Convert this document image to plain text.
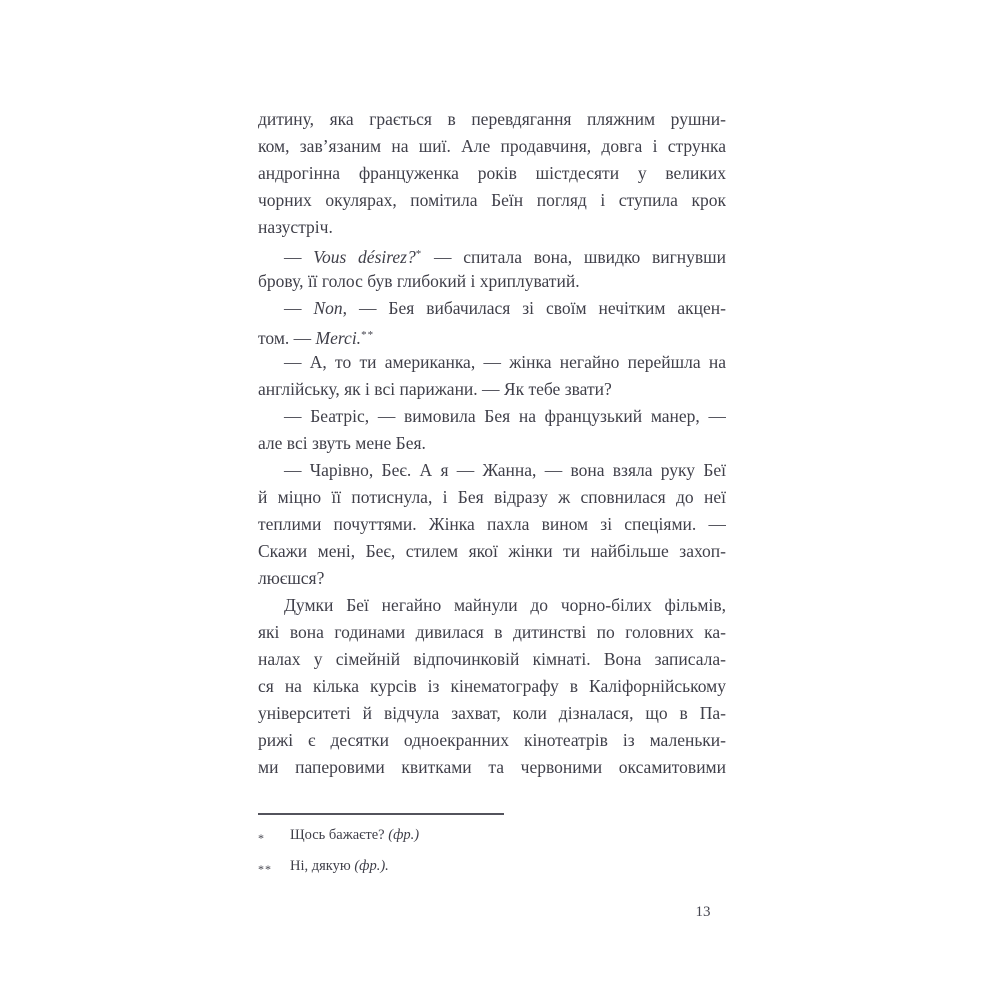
дитину, яка грається в перевдягання пляжним рушни-
ком, зав’язаним на шиї. Але продавчиня, довга і струнка
андрогінна француженка років шістдесяти у великих
чорних окулярах, помітила Беїн погляд і ступила крок
назустріч.
— Vous désirez?* — спитала вона, швидко вигнувши
брову, її голос був глибокий і хриплуватий.
— Non, — Бея вибачилася зі своїм нечітким акцен-
том. — Merci.**
— А, то ти американка, — жінка негайно перейшла на
англійську, як і всі парижани. — Як тебе звати?
— Беатріс, — вимовила Бея на французький манер, —
але всі звуть мене Бея.
— Чарівно, Беє. А я — Жанна, — вона взяла руку Беї
й міцно її потиснула, і Бея відразу ж сповнилася до неї
теплими почуттями. Жінка пахла вином зі спеціями. —
Скажи мені, Беє, стилем якої жінки ти найбільше захоп-
люєшся?
Думки Беї негайно майнули до чорно-білих фільмів,
які вона годинами дивилася в дитинстві по головних ка-
налах у сімейній відпочинковій кімнаті. Вона записала-
ся на кілька курсів із кінематографу в Каліфорнійському
університеті й відчула захват, коли дізналася, що в Па-
рижі є десятки одноекранних кінотеатрів із маленьки-
ми паперовими квитками та червоними оксамитовими
*	Щось бажаєте? (фр.)
**	Ні, дякую (фр.).
13
